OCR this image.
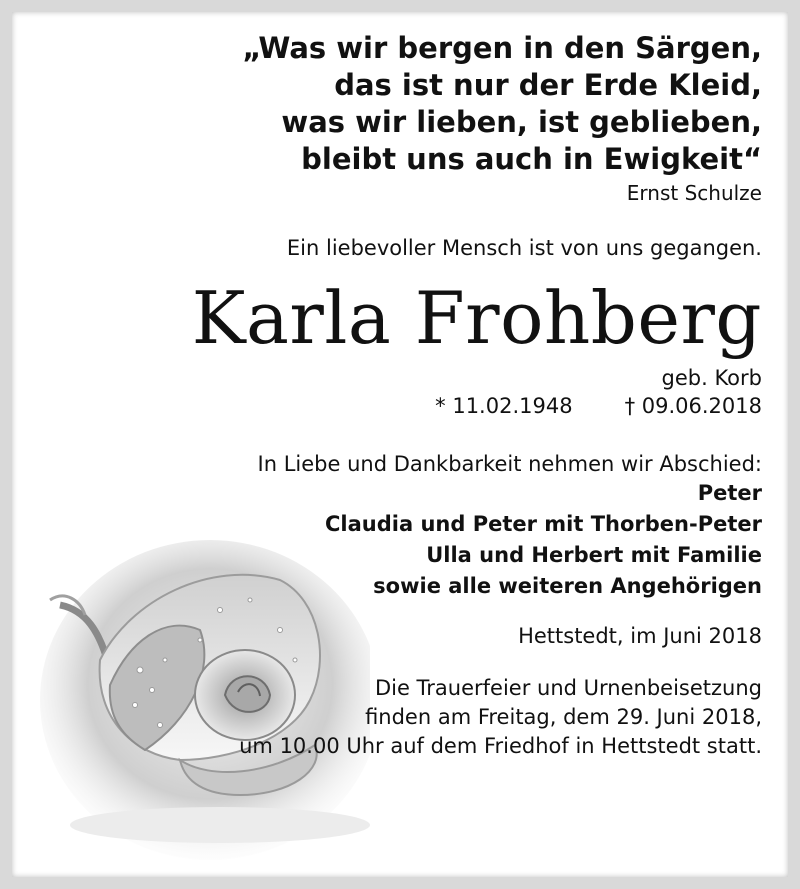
„Was wir bergen in den Särgen,
das ist nur der Erde Kleid,
was wir lieben, ist geblieben,
bleibt uns auch in Ewigkeit“
Ernst Schulze
Ein liebevoller Mensch ist von uns gegangen.
Karla Frohberg
geb. Korb
* 11.02.1948 † 09.06.2018
In Liebe und Dankbarkeit nehmen wir Abschied:
Peter
Claudia und Peter mit Thorben-Peter
Ulla und Herbert mit Familie
sowie alle weiteren Angehörigen
Hettstedt, im Juni 2018
Die Trauerfeier und Urnenbeisetzung
finden am Freitag, dem 29. Juni 2018,
um 10.00 Uhr auf dem Friedhof in Hettstedt statt.
